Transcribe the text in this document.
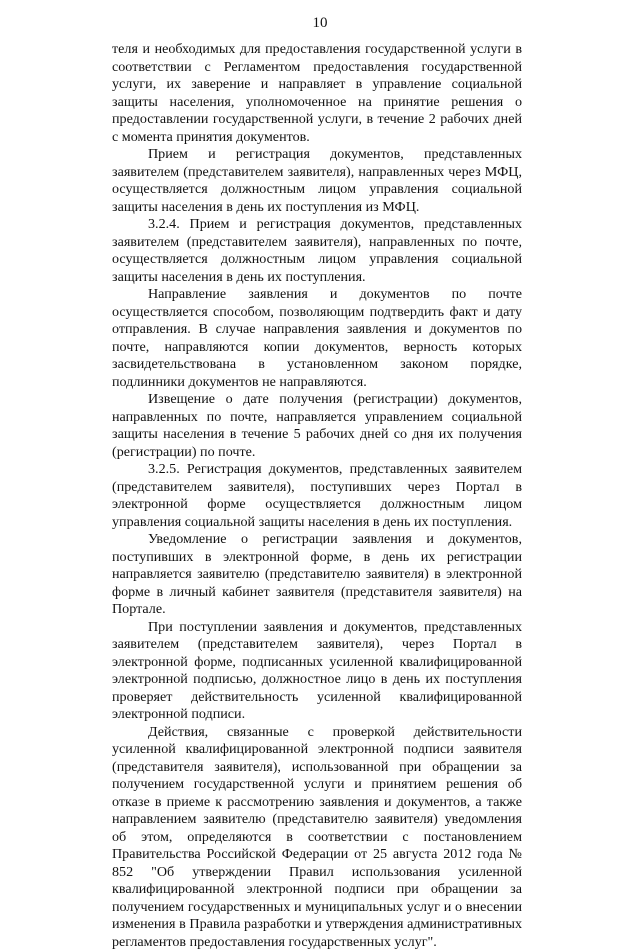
10

теля и необходимых для предоставления государственной услуги в соответствии с Регламентом предоставления государственной услуги, их заверение и направляет в управление социальной защиты населения, уполномоченное на принятие решения о предоставлении государственной услуги, в течение 2 рабочих дней с момента принятия документов.

Прием и регистрация документов, представленных заявителем (представителем заявителя), направленных через МФЦ, осуществляется должностным лицом управления социальной защиты населения в день их поступления из МФЦ.

3.2.4. Прием и регистрация документов, представленных заявителем (представителем заявителя), направленных по почте, осуществляется должностным лицом управления социальной защиты населения в день их поступления.

Направление заявления и документов по почте осуществляется способом, позволяющим подтвердить факт и дату отправления. В случае направления заявления и документов по почте, направляются копии документов, верность которых засвидетельствована в установленном законом порядке, подлинники документов не направляются.

Извещение о дате получения (регистрации) документов, направленных по почте, направляется управлением социальной защиты населения в течение 5 рабочих дней со дня их получения (регистрации) по почте.

3.2.5. Регистрация документов, представленных заявителем (представителем заявителя), поступивших через Портал в электронной форме осуществляется должностным лицом управления социальной защиты населения в день их поступления.

Уведомление о регистрации заявления и документов, поступивших в электронной форме, в день их регистрации направляется заявителю (представителю заявителя) в электронной форме в личный кабинет заявителя (представителя заявителя) на Портале.

При поступлении заявления и документов, представленных заявителем (представителем заявителя), через Портал в электронной форме, подписанных усиленной квалифицированной электронной подписью, должностное лицо в день их поступления проверяет действительность усиленной квалифицированной электронной подписи.

Действия, связанные с проверкой действительности усиленной квалифицированной электронной подписи заявителя (представителя заявителя), использованной при обращении за получением государственной услуги и принятием решения об отказе в приеме к рассмотрению заявления и документов, а также направлением заявителю (представителю заявителя) уведомления об этом, определяются в соответствии с постановлением Правительства Российской Федерации от 25 августа 2012 года № 852 "Об утверждении Правил использования усиленной квалифицированной электронной подписи при обращении за получением государственных и муниципальных услуг и о внесении изменения в Правила разработки и утверждения административных регламентов предоставления государственных услуг".
